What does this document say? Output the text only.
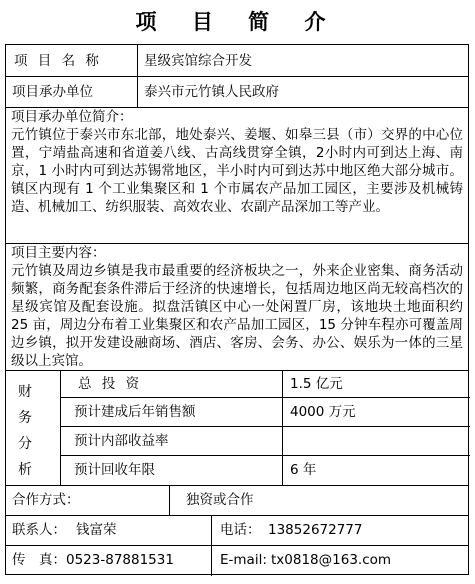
项 目 简 介
项 目 名 称	星级宾馆综合开发
项目承办单位	泰兴市元竹镇人民政府
项目承办单位简介：
元竹镇位于泰兴市东北部，地处泰兴、姜堰、如皋三县（市）交界的中心位置，宁靖盐高速和省道姜八线、古高线贯穿全镇，2小时内可到达上海、南京，1 小时内可到达苏锡常地区，半小时内可到达苏中地区绝大部分城市。镇区内现有 1 个工业集聚区和 1 个市属农产品加工园区，主要涉及机械铸造、机械加工、纺织服装、高效农业、农副产品深加工等产业。
项目主要内容：
元竹镇及周边乡镇是我市最重要的经济板块之一，外来企业密集、商务活动频繁，商务配套条件滞后于经济的快速增长，包括周边地区尚无较高档次的星级宾馆及配套设施。拟盘活镇区中心一处闲置厂房，该地块土地面积约 25 亩，周边分布着工业集聚区和农产品加工园区，15 分钟车程亦可覆盖周边乡镇，拟开发建设融商场、酒店、客房、会务、办公、娱乐为一体的三星级以上宾馆。
财
务
分
析
总 投 资	1.5 亿元
预计建成后年销售额	4000 万元
预计内部收益率
预计回收年限	6 年
合作方式：	独资或合作
联系人： 钱富荣	电话： 13852672777
传　真： 0523-87881531	E-mail: tx0818@163.com
